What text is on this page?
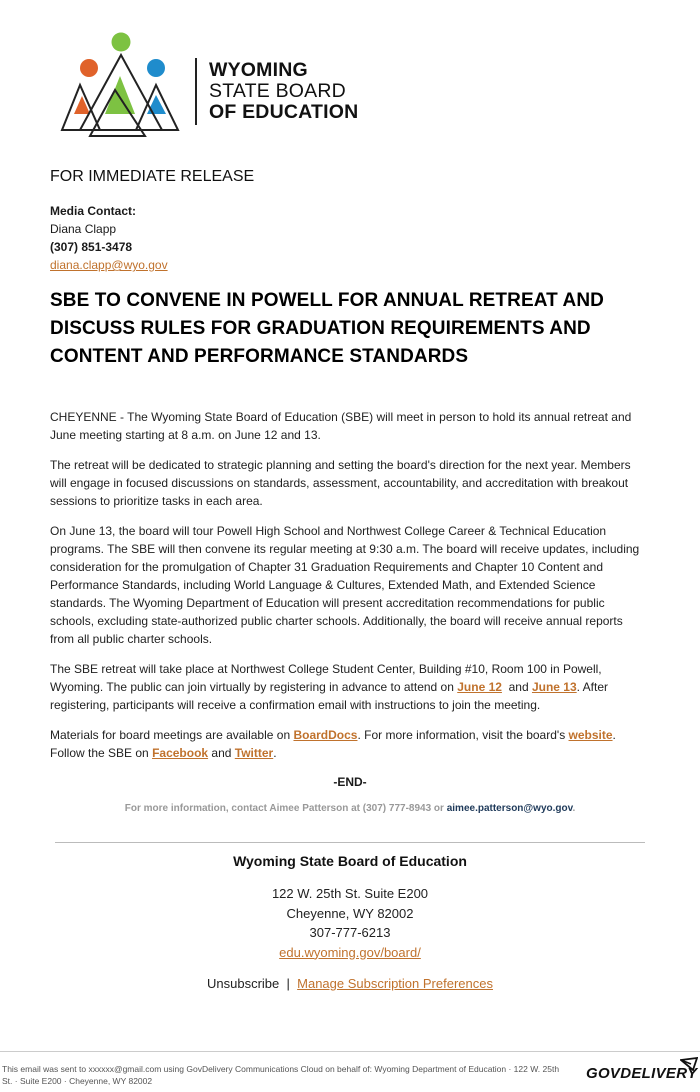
WYOMING
STATE BOARD
OF EDUCATION
FOR IMMEDIATE RELEASE
Media Contact:
Diana Clapp
(307) 851-3478
diana.clapp@wyo.gov
SBE TO CONVENE IN POWELL FOR ANNUAL RETREAT AND DISCUSS RULES FOR GRADUATION REQUIREMENTS AND CONTENT AND PERFORMANCE STANDARDS
CHEYENNE - The Wyoming State Board of Education (SBE) will meet in person to hold its annual retreat and June meeting starting at 8 a.m. on June 12 and 13.
The retreat will be dedicated to strategic planning and setting the board's direction for the next year. Members will engage in focused discussions on standards, assessment, accountability, and accreditation with breakout sessions to prioritize tasks in each area.
On June 13, the board will tour Powell High School and Northwest College Career & Technical Education programs. The SBE will then convene its regular meeting at 9:30 a.m. The board will receive updates, including consideration for the promulgation of Chapter 31 Graduation Requirements and Chapter 10 Content and Performance Standards, including World Language & Cultures, Extended Math, and Extended Science standards. The Wyoming Department of Education will present accreditation recommendations for public schools, excluding state-authorized public charter schools. Additionally, the board will receive annual reports from all public charter schools.
The SBE retreat will take place at Northwest College Student Center, Building #10, Room 100 in Powell, Wyoming. The public can join virtually by registering in advance to attend on June 12  and June 13. After registering, participants will receive a confirmation email with instructions to join the meeting.
Materials for board meetings are available on BoardDocs. For more information, visit the board's website.
Follow the SBE on Facebook and Twitter.
-END-
For more information, contact Aimee Patterson at (307) 777-8943 or aimee.patterson@wyo.gov.
Wyoming State Board of Education
122 W. 25th St. Suite E200
Cheyenne, WY 82002
307-777-6213
edu.wyoming.gov/board/
Unsubscribe | Manage Subscription Preferences
This email was sent to xxxxxx@gmail.com using GovDelivery Communications Cloud on behalf of: Wyoming Department of Education · 122 W. 25th St. · Suite E200 · Cheyenne, WY 82002	GOVDELIVERY
